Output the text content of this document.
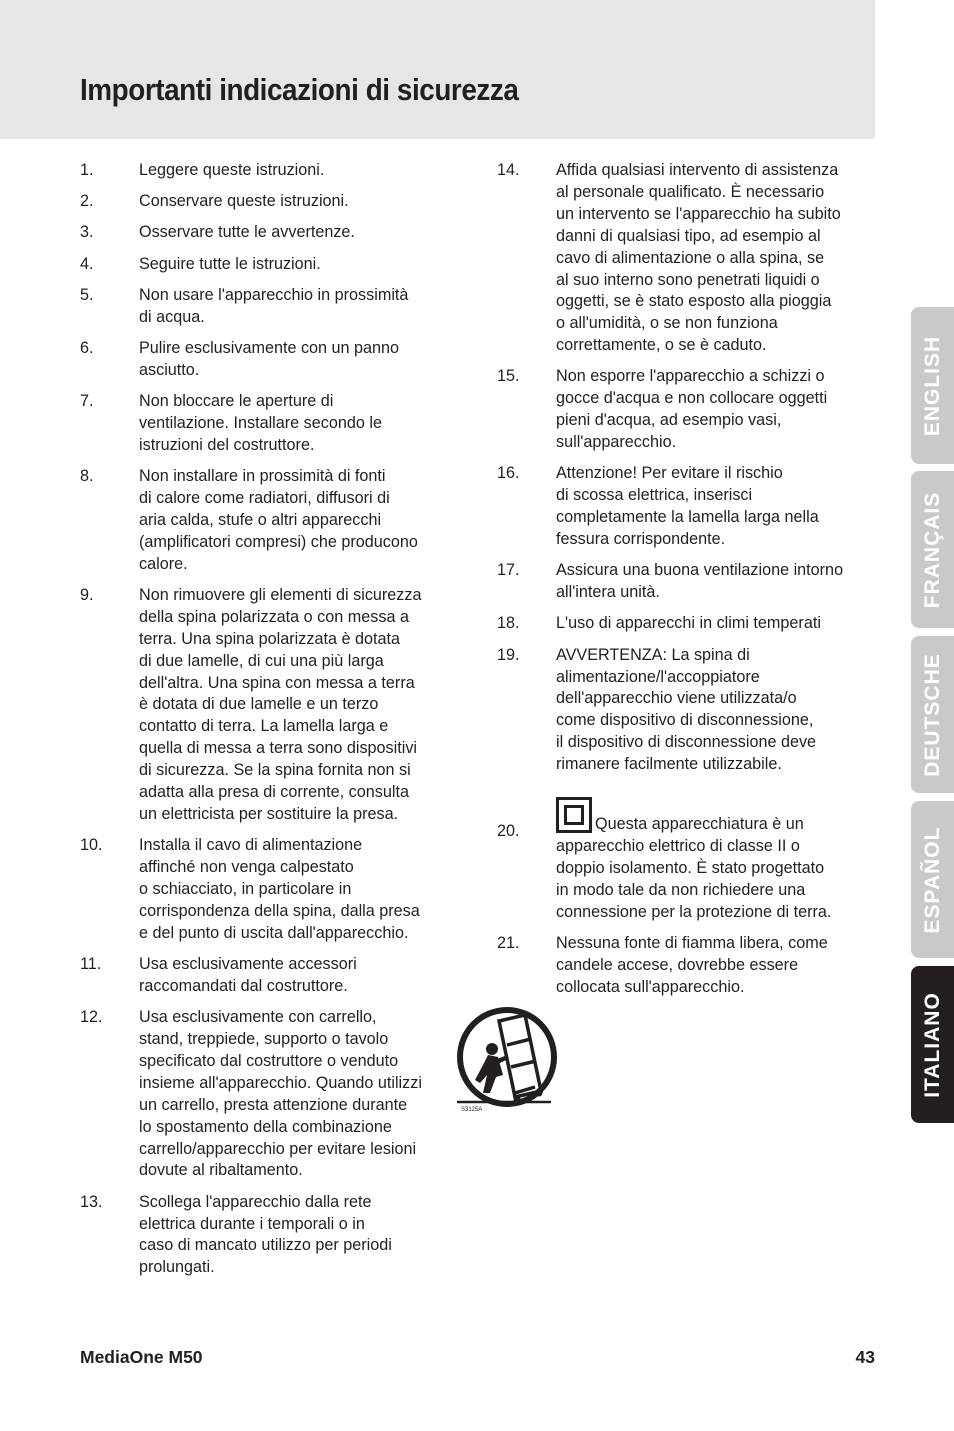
Importanti indicazioni di sicurezza
1.	Leggere queste istruzioni.
2.	Conservare queste istruzioni.
3.	Osservare tutte le avvertenze.
4.	Seguire tutte le istruzioni.
5.	Non usare l'apparecchio in prossimità
di acqua.
6.	Pulire esclusivamente con un panno
asciutto.
7.	Non bloccare le aperture di
ventilazione. Installare secondo le
istruzioni del costruttore.
8.	Non installare in prossimità di fonti
di calore come radiatori, diffusori di
aria calda, stufe o altri apparecchi
(amplificatori compresi) che producono
calore.
9.	Non rimuovere gli elementi di sicurezza
della spina polarizzata o con messa a
terra. Una spina polarizzata è dotata
di due lamelle, di cui una più larga
dell'altra. Una spina con messa a terra
è dotata di due lamelle e un terzo
contatto di terra. La lamella larga e
quella di messa a terra sono dispositivi
di sicurezza. Se la spina fornita non si
adatta alla presa di corrente, consulta
un elettricista per sostituire la presa.
10. Installa il cavo di alimentazione
affinché non venga calpestato
o schiacciato, in particolare in
corrispondenza della spina, dalla presa
e del punto di uscita dall'apparecchio.
11. Usa esclusivamente accessori
raccomandati dal costruttore.
12. Usa esclusivamente con carrello,
stand, treppiede, supporto o tavolo
specificato dal costruttore o venduto
insieme all'apparecchio. Quando utilizzi
un carrello, presta attenzione durante
lo spostamento della combinazione
carrello/apparecchio per evitare lesioni
dovute al ribaltamento.
13. Scollega l'apparecchio dalla rete
elettrica durante i temporali o in
caso di mancato utilizzo per periodi
prolungati.
14. Affida qualsiasi intervento di assistenza
al personale qualificato. È necessario
un intervento se l'apparecchio ha subito
danni di qualsiasi tipo, ad esempio al
cavo di alimentazione o alla spina, se
al suo interno sono penetrati liquidi o
oggetti, se è stato esposto alla pioggia
o all'umidità, o se non funziona
correttamente, o se è caduto.
15. Non esporre l'apparecchio a schizzi o
gocce d'acqua e non collocare oggetti
pieni d'acqua, ad esempio vasi,
sull'apparecchio.
16. Attenzione! Per evitare il rischio
di scossa elettrica, inserisci
completamente la lamella larga nella
fessura corrispondente.
17. Assicura una buona ventilazione intorno
all'intera unità.
18. L'uso di apparecchi in climi temperati
19. AVVERTENZA: La spina di
alimentazione/l'accoppiatore
dell'apparecchio viene utilizzata/o
come dispositivo di disconnessione,
il dispositivo di disconnessione deve
rimanere facilmente utilizzabile.
20.	Questa apparecchiatura è un
apparecchio elettrico di classe II o
doppio isolamento. È stato progettato
in modo tale da non richiedere una
connessione per la protezione di terra.
21. Nessuna fonte di fiamma libera, come
candele accese, dovrebbe essere
collocata sull'apparecchio.
S3125A
ENGLISH
FRANÇAIS
DEUTSCHE
ESPAÑOL
ITALIANO
MediaOne M50	43
